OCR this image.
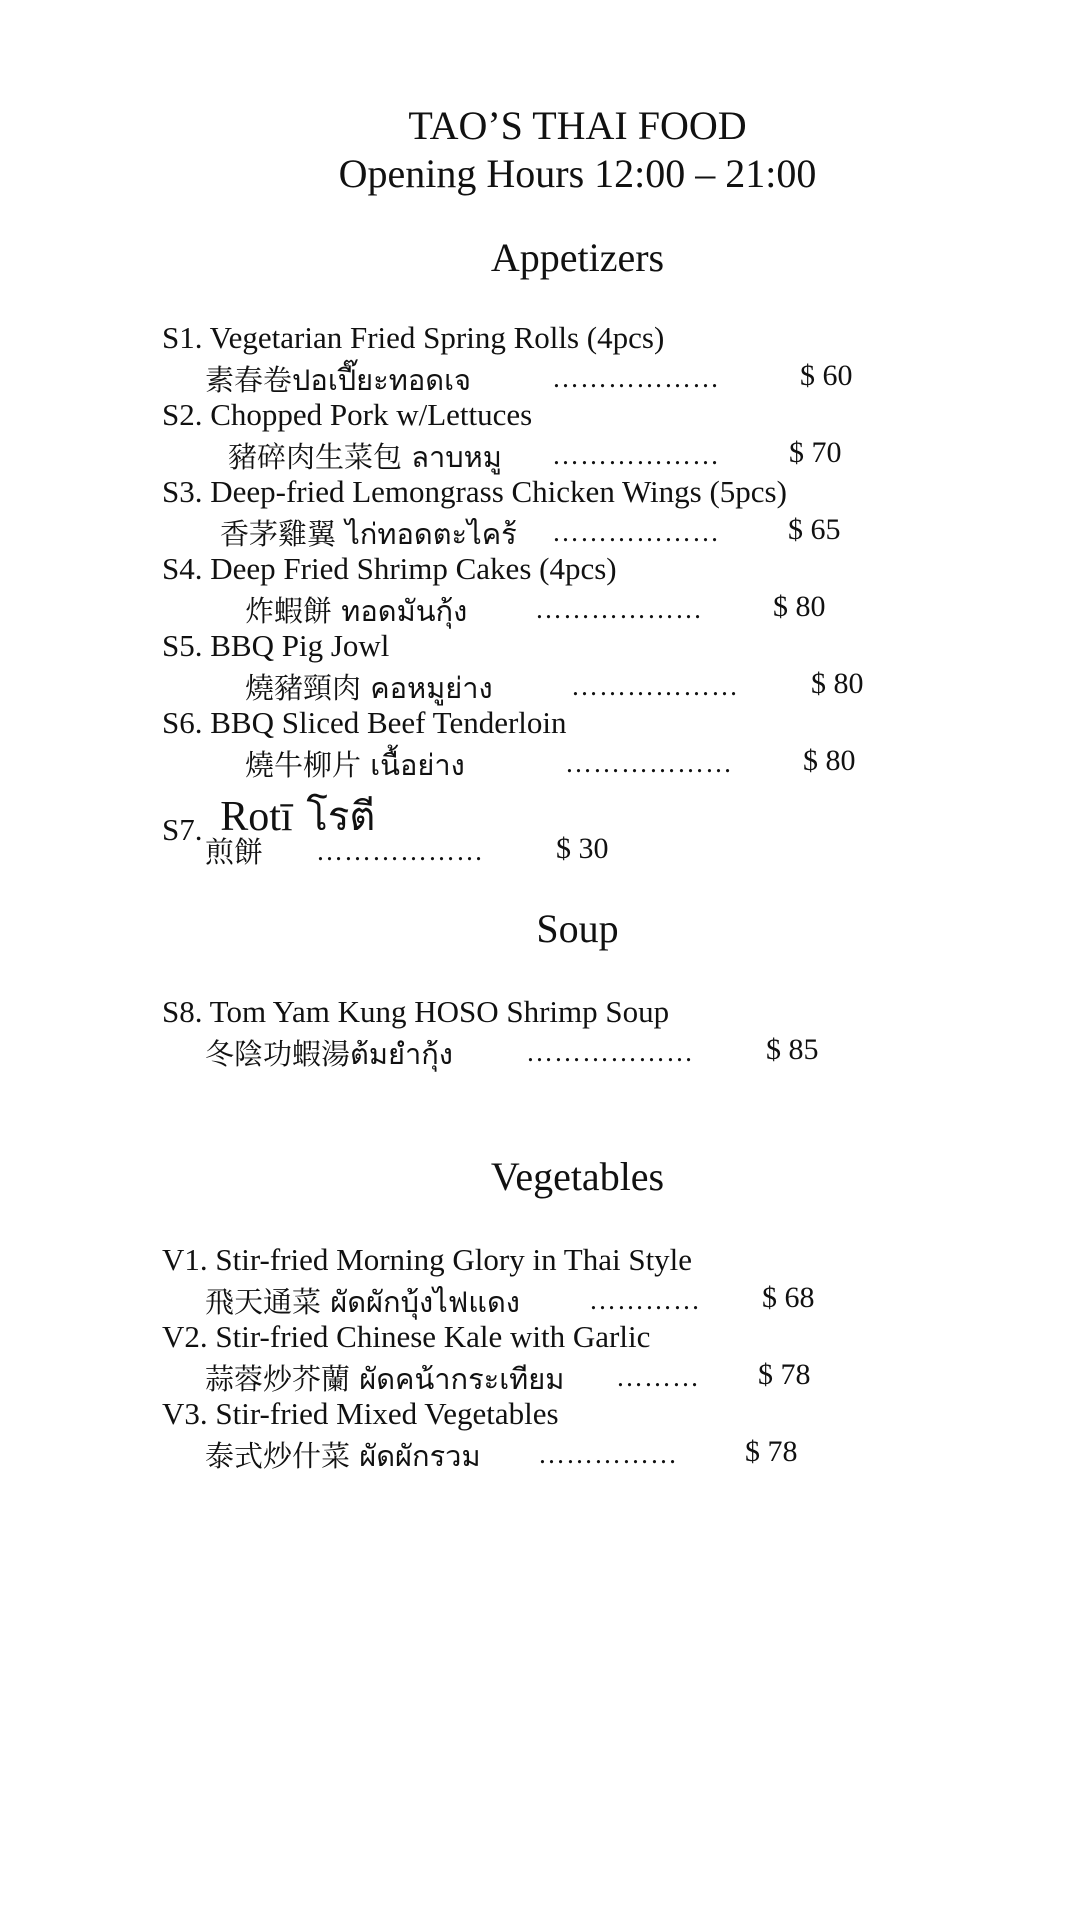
TAO’S THAI FOOD
Opening Hours 12:00 – 21:00
Appetizers
S1. Vegetarian Fried Spring Rolls (4pcs)
素春卷ปอเปี๊ยะทอดเจ	………………	$ 60
S2. Chopped Pork w/Lettuces
豬碎肉生菜包 ลาบหมู ……………… $ 70
S3. Deep-fried Lemongrass Chicken Wings (5pcs)
香茅雞翼 ไก่ทอดตะไคร้ ……………… $ 65
S4. Deep Fried Shrimp Cakes (4pcs)
炸蝦餅 ทอดมันกุ้ง	……………… $ 80
S5. BBQ Pig Jowl
燒豬頸肉 คอหมูย่าง	……………… $ 80
S6. BBQ Sliced Beef Tenderloin
燒牛柳片 เนื้อย่าง	……………… $ 80
S7. Rotī โรตี
煎餅 ……………… $ 30
Soup
S8. Tom Yam Kung HOSO Shrimp Soup
冬陰功蝦湯ต้มยำกุ้ง	……………… $ 85
Vegetables
V1. Stir-fried Morning Glory in Thai Style
飛天通菜 ผัดผักบุ้งไฟแดง	………… $ 68
V2. Stir-fried Chinese Kale with Garlic
蒜蓉炒芥蘭 ผัดคน้ากระเทียม ……… $ 78
V3. Stir-fried Mixed Vegetables
泰式炒什菜 ผัดผักรวม …………… $ 78
